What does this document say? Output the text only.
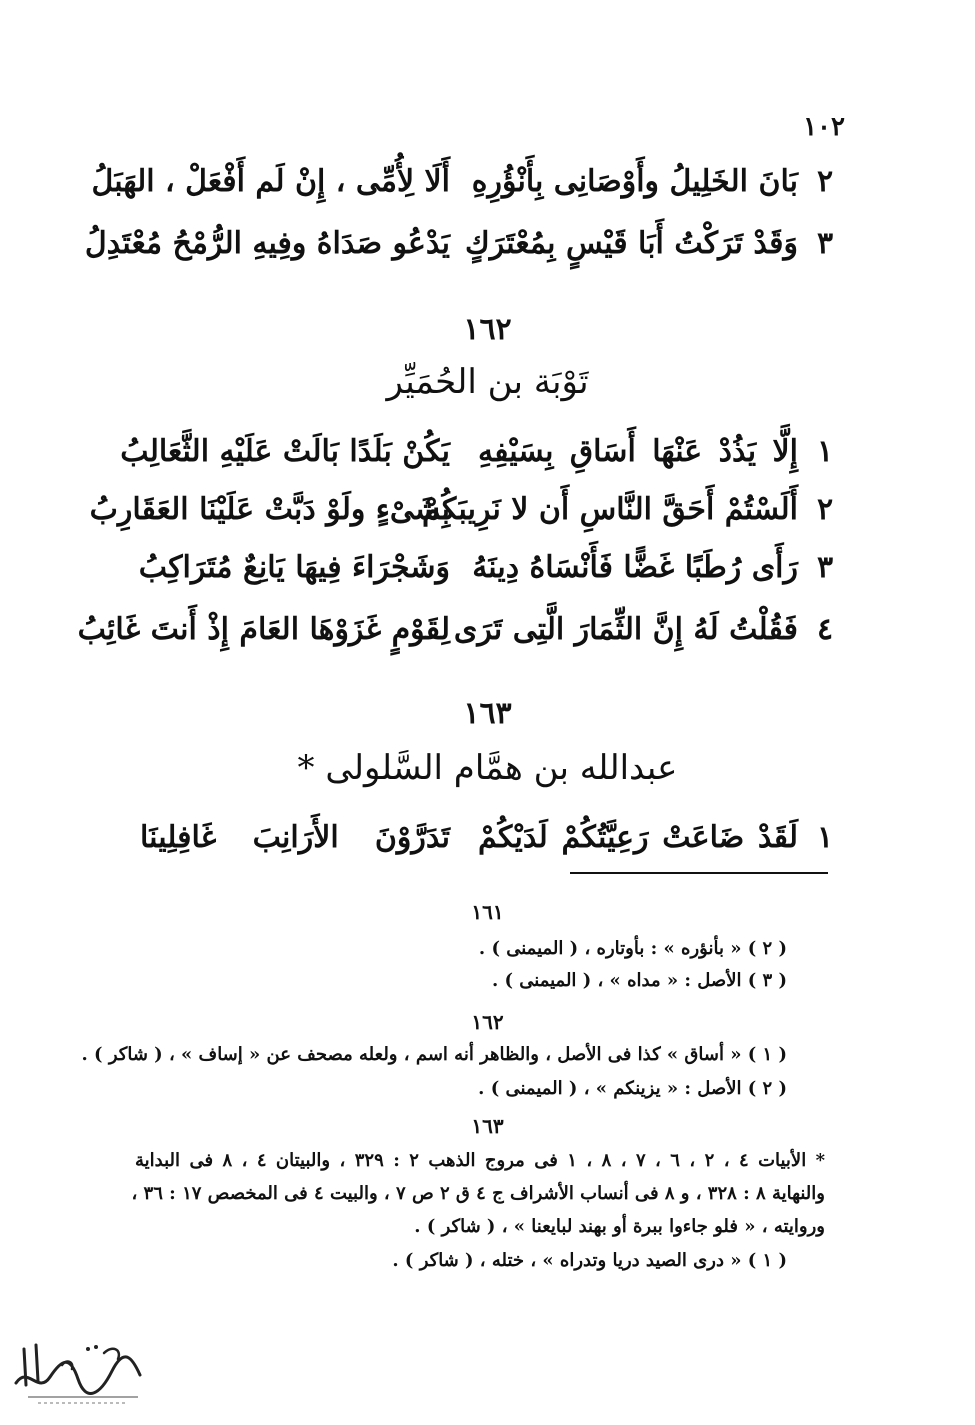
١٠٢
٢
بَانَ الخَلِيلُ وأَوْصَانِى بِأَنْؤُرِهِ
أَلَا لِأُمِّى ، إِنْ لَم أَفْعَلْ ، الهَبَلُ
٣
وَقَدْ تَرَكْتُ أَبَا قَيْسٍ بِمُعْتَرَكٍ
يَدْعُو صَدَاهُ وفِيهِ الرُّمْحُ مُعْتَدِلُ
١٦٢
تَوْبَة بن الحُمَيِّر
١
إِلَّا يَذُدْ عَنْهَا أَسَاقِ بِسَيْفِهِ
يَكُنْ بَلَدًا بَالَتْ عَلَيْهِ الثَّعَالِبُ
٢
أَلَسْتُمْ أَحَقَّ النَّاسِ أَن لا نَرِيبَكُمْ
بِشَىْءٍ ولَوْ دَبَّتْ عَلَيْنَا العَقَارِبُ
٣
رَأَى رُطَبًا غَضًّا فَأَنْسَاهُ دِينَهُ
وَشَجْرَاءَ فِيهَا يَانِعٌ مُتَرَاكِبُ
٤
فَقُلْتُ لَهُ إِنَّ الثِّمَارَ الَّتِى تَرَى
لِقَوْمٍ غَزَوْهَا العَامَ إِذْ أَنتَ غَائِبُ
١٦٣
عبدالله بن همَّام السَّلولى *
١
لَقَدْ ضَاعَتْ رَعِيَّتُكُمْ لَدَيْكُمْ
تَدَرَّوْنَ الأَرَانِبَ غَافِلِينَا
١٦١
( ٢ ) « بأنؤره » : بأوتاره ، ( الميمنى ) .
( ٣ ) الأصل : « مداه » ، ( الميمنى ) .
١٦٢
( ١ ) « أساق » كذا فى الأصل ، والظاهر أنه اسم ، ولعله مصحف عن « إساف » ، ( شاكر ) .
( ٢ ) الأصل : « يزينكم » ، ( الميمنى ) .
١٦٣
* الأبيات ٤ ، ٢ ، ٦ ، ٧ ، ٨ ، ١ فى مروج الذهب ٢ : ٣٢٩ ، والبيتان ٤ ، ٨ فى البداية
والنهاية ٨ : ٣٢٨ ، و ٨ فى أنساب الأشراف ج ٤ ق ٢ ص ٧ ، والبيت ٤ فى المخصص ١٧ : ٣٦ ،
وروايته ، « فلو جاءوا ببرة أو بهند لبايعنا » ، ( شاكر ) .
( ١ ) « درى الصيد دريا وتدراه » ، ختله ، ( شاكر ) .
